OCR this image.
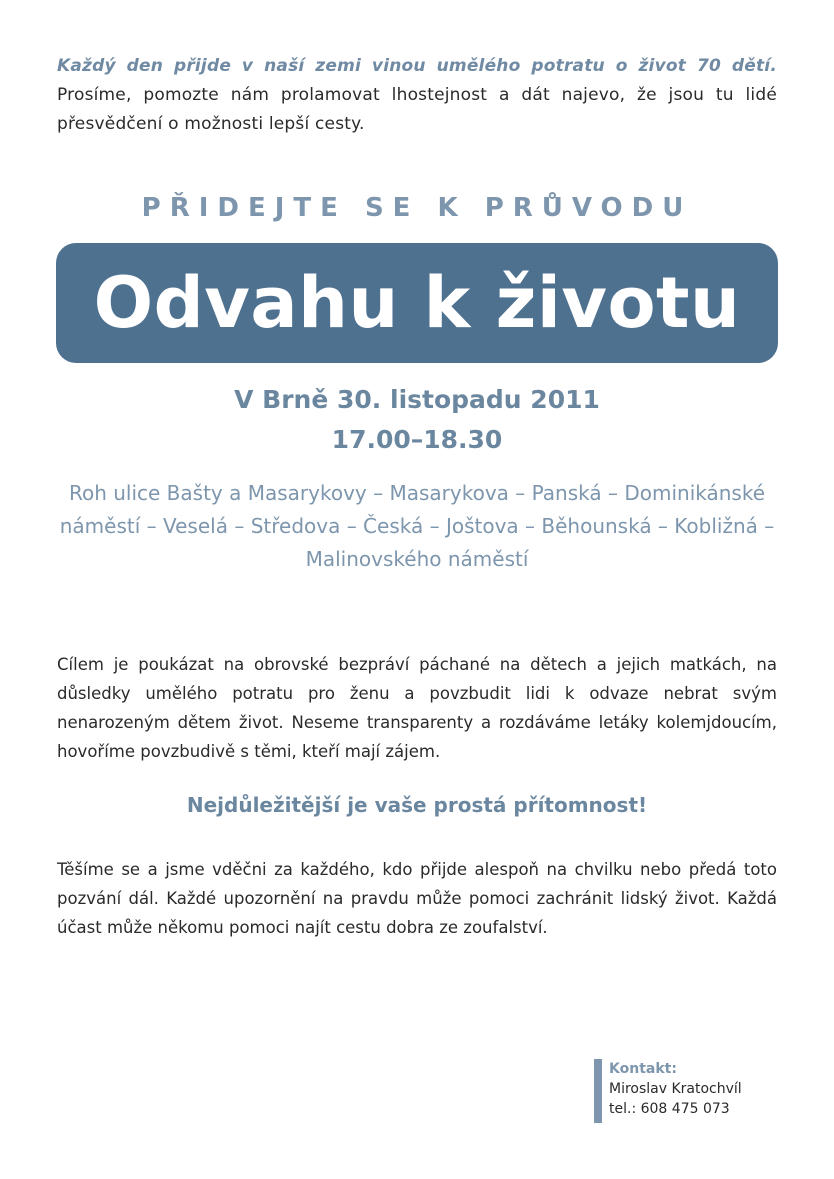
Každý den přijde v naší zemi vinou umělého potratu o život 70 dětí. Prosíme, pomozte nám prolamovat lhostejnost a dát najevo, že jsou tu lidé přesvědčení o možnosti lepší cesty.
PŘIDEJTE SE K PRŮVODU
Odvahu k životu
V Brně 30. listopadu 2011
17.00–18.30
Roh ulice Bašty a Masarykovy – Masarykova – Panská – Dominikánské náměstí – Veselá – Středova – Česká – Joštova – Běhounská – Kobližná – Malinovského náměstí
Cílem je poukázat na obrovské bezpráví páchané na dětech a jejich matkách, na důsledky umělého potratu pro ženu a povzbudit lidi k odvaze nebrat svým nenarozeným dětem život. Neseme transparenty a rozdáváme letáky kolemjdoucím, hovoříme povzbudivě s těmi, kteří mají zájem.
Nejdůležitější je vaše prostá přítomnost!
Těšíme se a jsme vděčni za každého, kdo přijde alespoň na chvilku nebo předá toto pozvání dál. Každé upozornění na pravdu může pomoci zachránit lidský život. Každá účast může někomu pomoci najít cestu dobra ze zoufalství.
Kontakt:
Miroslav Kratochvíl
tel.: 608 475 073
